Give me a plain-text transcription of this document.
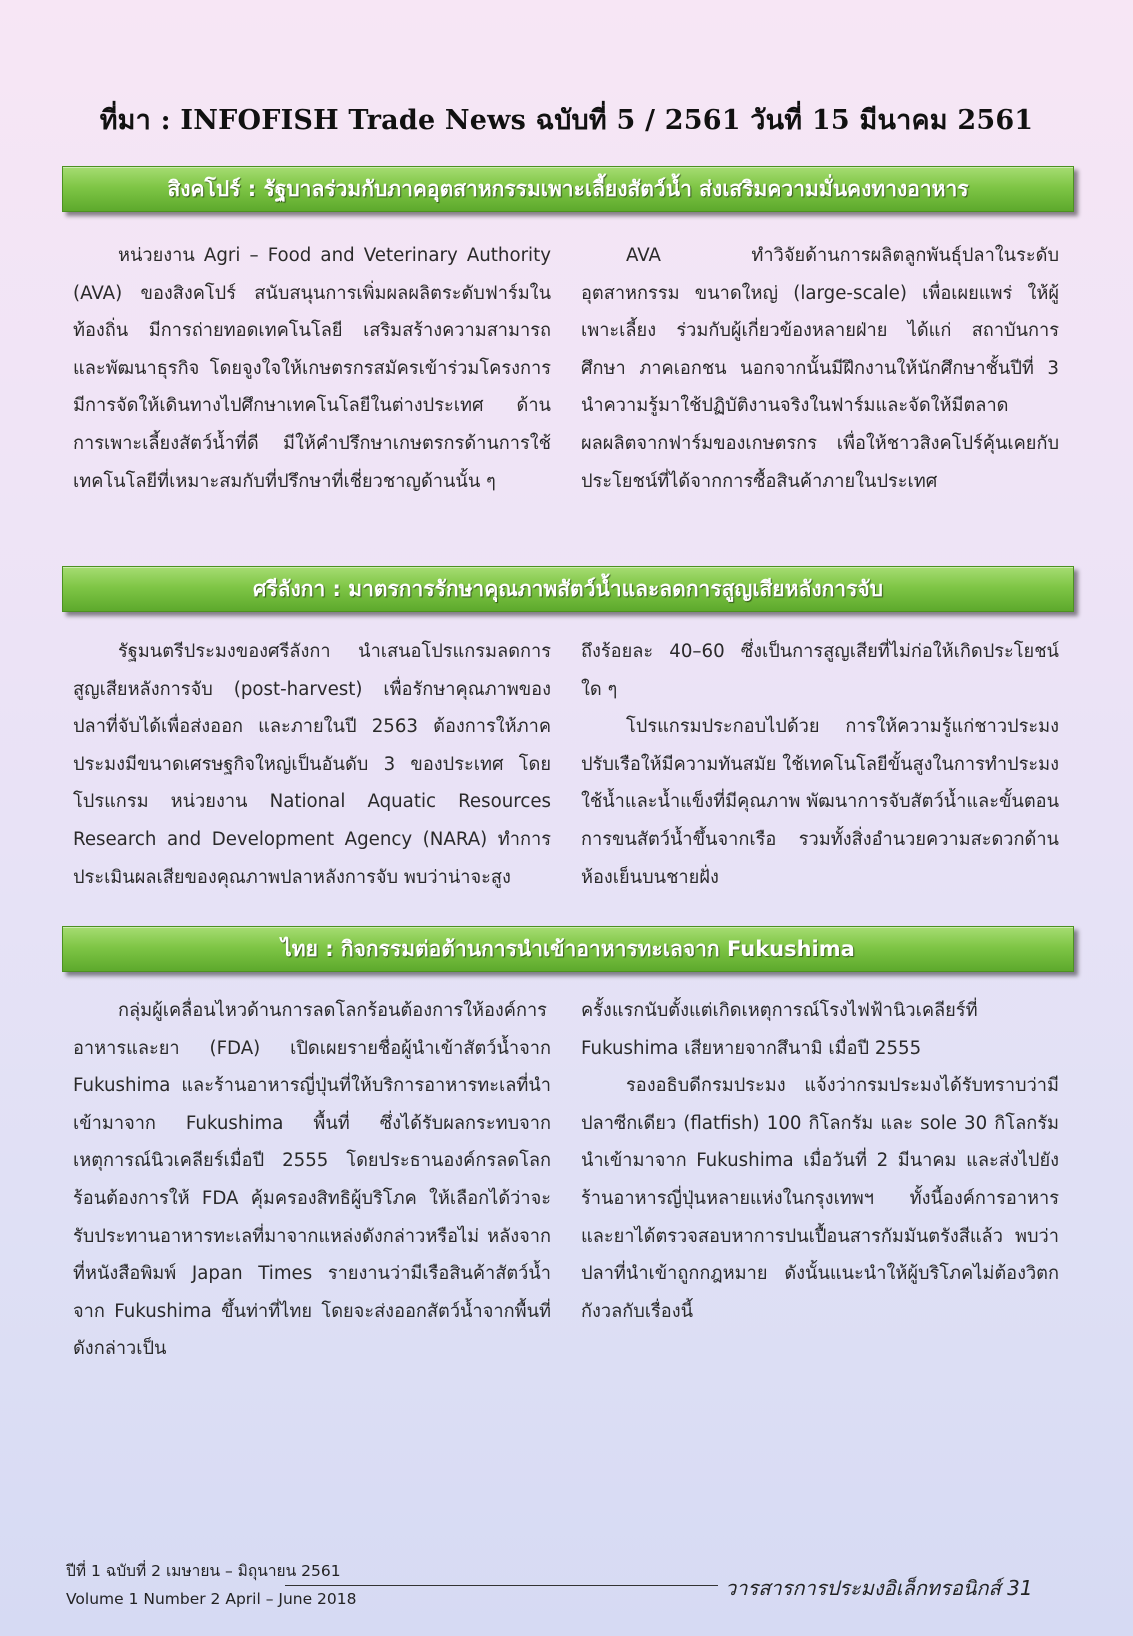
ที่มา : INFOFISH Trade News ฉบับที่ 5 / 2561 วันที่ 15 มีนาคม 2561
สิงคโปร์ : รัฐบาลร่วมกับภาคอุตสาหกรรมเพาะเลี้ยงสัตว์น้ำ ส่งเสริมความมั่นคงทางอาหาร

หน่วยงาน Agri – Food and Veterinary Authority (AVA) ของสิงคโปร์ สนับสนุนการเพิ่มผลผลิตระดับฟาร์มในท้องถิ่น มีการถ่ายทอดเทคโนโลยี เสริมสร้างความสามารถและพัฒนาธุรกิจ โดยจูงใจให้เกษตรกรสมัครเข้าร่วมโครงการ มีการจัดให้เดินทางไปศึกษาเทคโนโลยีในต่างประเทศ ด้านการเพาะเลี้ยงสัตว์น้ำที่ดี มีให้คำปรึกษาเกษตรกรด้านการใช้เทคโนโลยีที่เหมาะสมกับที่ปรึกษาที่เชี่ยวชาญด้านนั้น ๆ

AVA ทำวิจัยด้านการผลิตลูกพันธุ์ปลาในระดับอุตสาหกรรม ขนาดใหญ่ (large-scale) เพื่อเผยแพร่ ให้ผู้เพาะเลี้ยง ร่วมกับผู้เกี่ยวข้องหลายฝ่าย ได้แก่ สถาบันการศึกษา ภาคเอกชน นอกจากนั้นมีฝึกงานให้นักศึกษาชั้นปีที่ 3 นำความรู้มาใช้ปฏิบัติงานจริงในฟาร์มและจัดให้มีตลาดผลผลิตจากฟาร์มของเกษตรกร เพื่อให้ชาวสิงคโปร์คุ้นเคยกับประโยชน์ที่ได้จากการซื้อสินค้าภายในประเทศ

ศรีลังกา : มาตรการรักษาคุณภาพสัตว์น้ำและลดการสูญเสียหลังการจับ

รัฐมนตรีประมงของศรีลังกา นำเสนอโปรแกรมลดการสูญเสียหลังการจับ (post-harvest) เพื่อรักษาคุณภาพของปลาที่จับได้เพื่อส่งออก และภายในปี 2563 ต้องการให้ภาคประมงมีขนาดเศรษฐกิจใหญ่เป็นอันดับ 3 ของประเทศ โดยโปรแกรม หน่วยงาน National Aquatic Resources Research and Development Agency (NARA) ทำการประเมินผลเสียของคุณภาพปลาหลังการจับ พบว่าน่าจะสูง

ถึงร้อยละ 40–60 ซึ่งเป็นการสูญเสียที่ไม่ก่อให้เกิดประโยชน์ใด ๆ

โปรแกรมประกอบไปด้วย การให้ความรู้แก่ชาวประมงปรับเรือให้มีความทันสมัย ใช้เทคโนโลยีขั้นสูงในการทำประมง ใช้น้ำและน้ำแข็งที่มีคุณภาพ พัฒนาการจับสัตว์น้ำและขั้นตอนการขนสัตว์น้ำขึ้นจากเรือ รวมทั้งสิ่งอำนวยความสะดวกด้านห้องเย็นบนชายฝั่ง

ไทย : กิจกรรมต่อต้านการนำเข้าอาหารทะเลจาก Fukushima

กลุ่มผู้เคลื่อนไหวด้านการลดโลกร้อนต้องการให้องค์การอาหารและยา (FDA) เปิดเผยรายชื่อผู้นำเข้าสัตว์น้ำจาก Fukushima และร้านอาหารญี่ปุ่นที่ให้บริการอาหารทะเลที่นำเข้ามาจาก Fukushima พื้นที่ ซึ่งได้รับผลกระทบจากเหตุการณ์นิวเคลียร์เมื่อปี 2555 โดยประธานองค์กรลดโลกร้อนต้องการให้ FDA คุ้มครองสิทธิผู้บริโภค ให้เลือกได้ว่าจะรับประทานอาหารทะเลที่มาจากแหล่งดังกล่าวหรือไม่ หลังจากที่หนังสือพิมพ์ Japan Times รายงานว่ามีเรือสินค้าสัตว์น้ำจาก Fukushima ขึ้นท่าที่ไทย โดยจะส่งออกสัตว์น้ำจากพื้นที่ดังกล่าวเป็น

ครั้งแรกนับตั้งแต่เกิดเหตุการณ์โรงไฟฟ้านิวเคลียร์ที่ Fukushima เสียหายจากสึนามิ เมื่อปี 2555

รองอธิบดีกรมประมง แจ้งว่ากรมประมงได้รับทราบว่ามีปลาซีกเดียว (flatfish) 100 กิโลกรัม และ sole 30 กิโลกรัม นำเข้ามาจาก Fukushima เมื่อวันที่ 2 มีนาคม และส่งไปยังร้านอาหารญี่ปุ่นหลายแห่งในกรุงเทพฯ ทั้งนี้องค์การอาหารและยาได้ตรวจสอบหาการปนเปื้อนสารกัมมันตรังสีแล้ว พบว่าปลาที่นำเข้าถูกกฎหมาย ดังนั้นแนะนำให้ผู้บริโภคไม่ต้องวิตกกังวลกับเรื่องนี้

ปีที่ 1 ฉบับที่ 2 เมษายน – มิถุนายน 2561
Volume 1 Number 2 April – June 2018	วารสารการประมงอิเล็กทรอนิกส์ 31
